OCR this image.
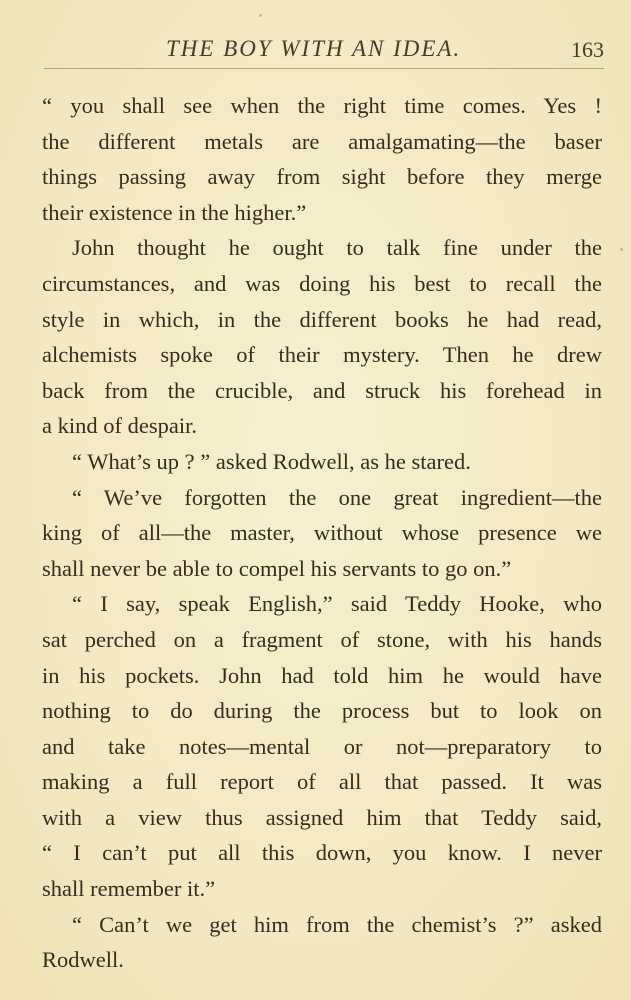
THE BOY WITH AN IDEA.	163
“ you shall see when the right time comes. Yes !
the different metals are amalgamating—the baser
things passing away from sight before they merge
their existence in the higher.”
John thought he ought to talk fine under the
circumstances, and was doing his best to recall the
style in which, in the different books he had read,
alchemists spoke of their mystery. Then he drew
back from the crucible, and struck his forehead in
a kind of despair.
“ What’s up ? ” asked Rodwell, as he stared.
“ We’ve forgotten the one great ingredient—the
king of all—the master, without whose presence we
shall never be able to compel his servants to go on.”
“ I say, speak English,” said Teddy Hooke, who
sat perched on a fragment of stone, with his hands
in his pockets. John had told him he would have
nothing to do during the process but to look on
and take notes—mental or not—preparatory to
making a full report of all that passed. It was
with a view thus assigned him that Teddy said,
“ I can’t put all this down, you know. I never
shall remember it.”
“ Can’t we get him from the chemist’s ?” asked
Rodwell.
